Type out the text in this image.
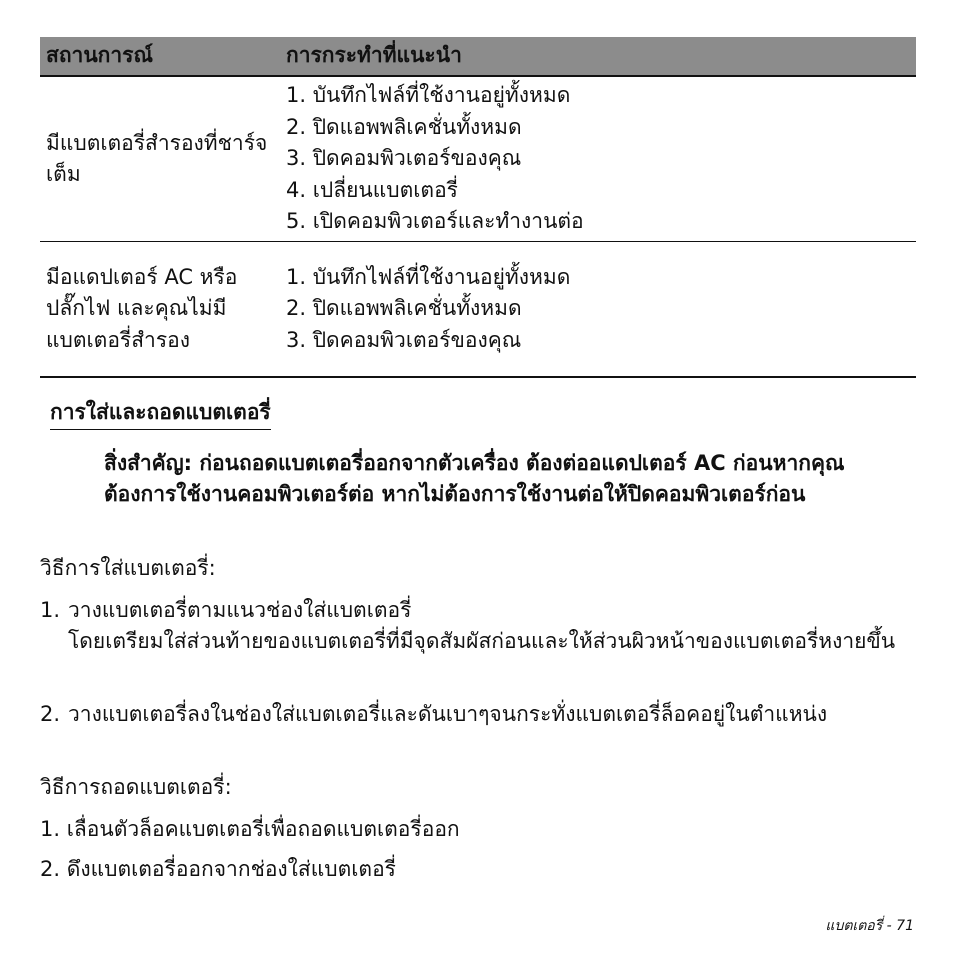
สถานการณ์	การกระทำที่แนะนำ
มีแบตเตอรี่สำรองที่ชาร์จเต็ม	1. บันทึกไฟล์ที่ใช้งานอยู่ทั้งหมด
2. ปิดแอพพลิเคชั่นทั้งหมด
3. ปิดคอมพิวเตอร์ของคุณ
4. เปลี่ยนแบตเตอรี่
5. เปิดคอมพิวเตอร์และทำงานต่อ

มีอแดปเตอร์ AC หรือปลั๊กไฟ และคุณไม่มีแบตเตอรี่สำรอง	1. บันทึกไฟล์ที่ใช้งานอยู่ทั้งหมด
2. ปิดแอพพลิเคชั่นทั้งหมด
3. ปิดคอมพิวเตอร์ของคุณ
การใส่และถอดแบตเตอรี่
สิ่งสำคัญ: ก่อนถอดแบตเตอรี่ออกจากตัวเครื่อง ต้องต่ออแดปเตอร์ AC ก่อนหากคุณต้องการใช้งานคอมพิวเตอร์ต่อ หากไม่ต้องการใช้งานต่อให้ปิดคอมพิวเตอร์ก่อน
วิธีการใส่แบตเตอรี่:
1. วางแบตเตอรี่ตามแนวช่องใส่แบตเตอรี่
โดยเตรียมใส่ส่วนท้ายของแบตเตอรี่ที่มีจุดสัมผัสก่อนและให้ส่วนผิวหน้าของแบตเตอรี่หงายขึ้น
2. วางแบตเตอรี่ลงในช่องใส่แบตเตอรี่และดันเบาๆจนกระทั่งแบตเตอรี่ล็อคอยู่ในตำแหน่ง
วิธีการถอดแบตเตอรี่:
1. เลื่อนตัวล็อคแบตเตอรี่เพื่อถอดแบตเตอรี่ออก
2. ดึงแบตเตอรี่ออกจากช่องใส่แบตเตอรี่
แบตเตอรี่ - 71
